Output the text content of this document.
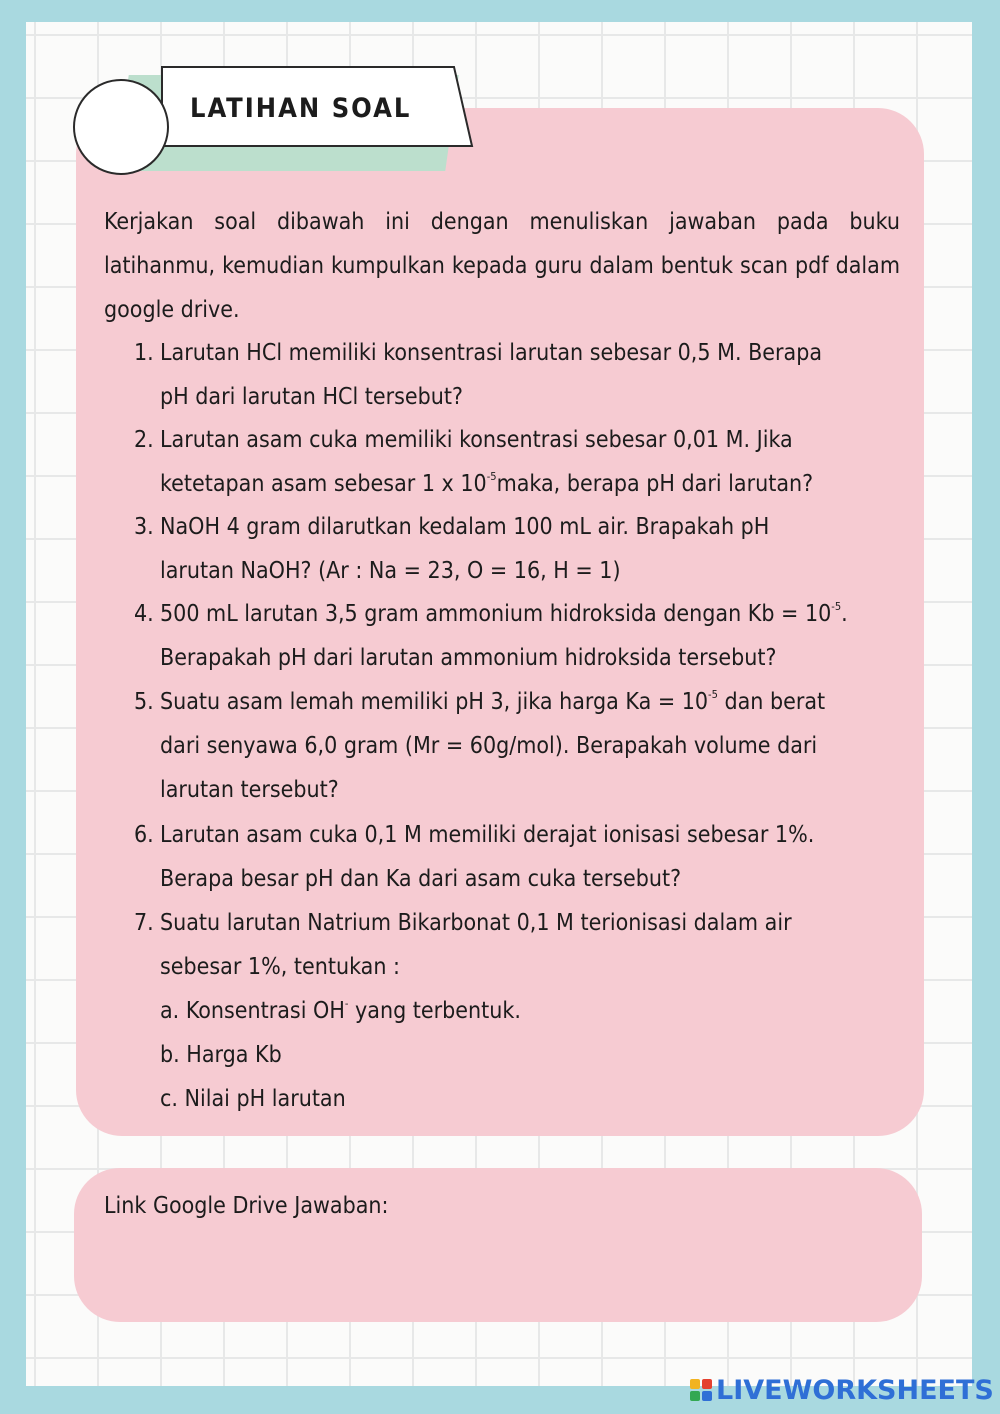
LATIHAN SOAL
Kerjakan soal dibawah ini dengan menuliskan jawaban pada buku latihanmu, kemudian kumpulkan kepada guru dalam bentuk scan pdf dalam google drive.
1. Larutan HCl memiliki konsentrasi larutan sebesar 0,5 M. Berapa
pH dari larutan HCl tersebut?
2. Larutan asam cuka memiliki konsentrasi sebesar 0,01 M. Jika
ketetapan asam sebesar 1 x $10^{-5}maka$, berapa pH dari larutan?
3. NaOH 4 gram dilarutkan kedalam 100 mL air. Brapakah pH
larutan NaOH? (Ar : Na = 23, O = 16, H = 1)
4. 500 mL larutan 3,5 gram ammonium hidroksida dengan $Kb = 10^{-5}$.
Berapakah pH dari larutan ammonium hidroksida tersebut?
5. Suatu asam lemah memiliki pH 3, jika harga $Ka = 10^{-5}$ dan berat
dari senyawa 6,0 gram (Mr = 60g/mol). Berapakah volume dari
larutan tersebut?
6. Larutan asam cuka 0,1 M memiliki derajat ionisasi sebesar 1%.
Berapa besar pH dan Ka dari asam cuka tersebut?
7. Suatu larutan Natrium Bikarbonat 0,1 M terionisasi dalam air
sebesar 1%, tentukan :
a. Konsentrasi OH- yang terbentuk.
b. Harga Kb
c. Nilai pH larutan
Link Google Drive Jawaban:
LIVEWORKSHEETS
